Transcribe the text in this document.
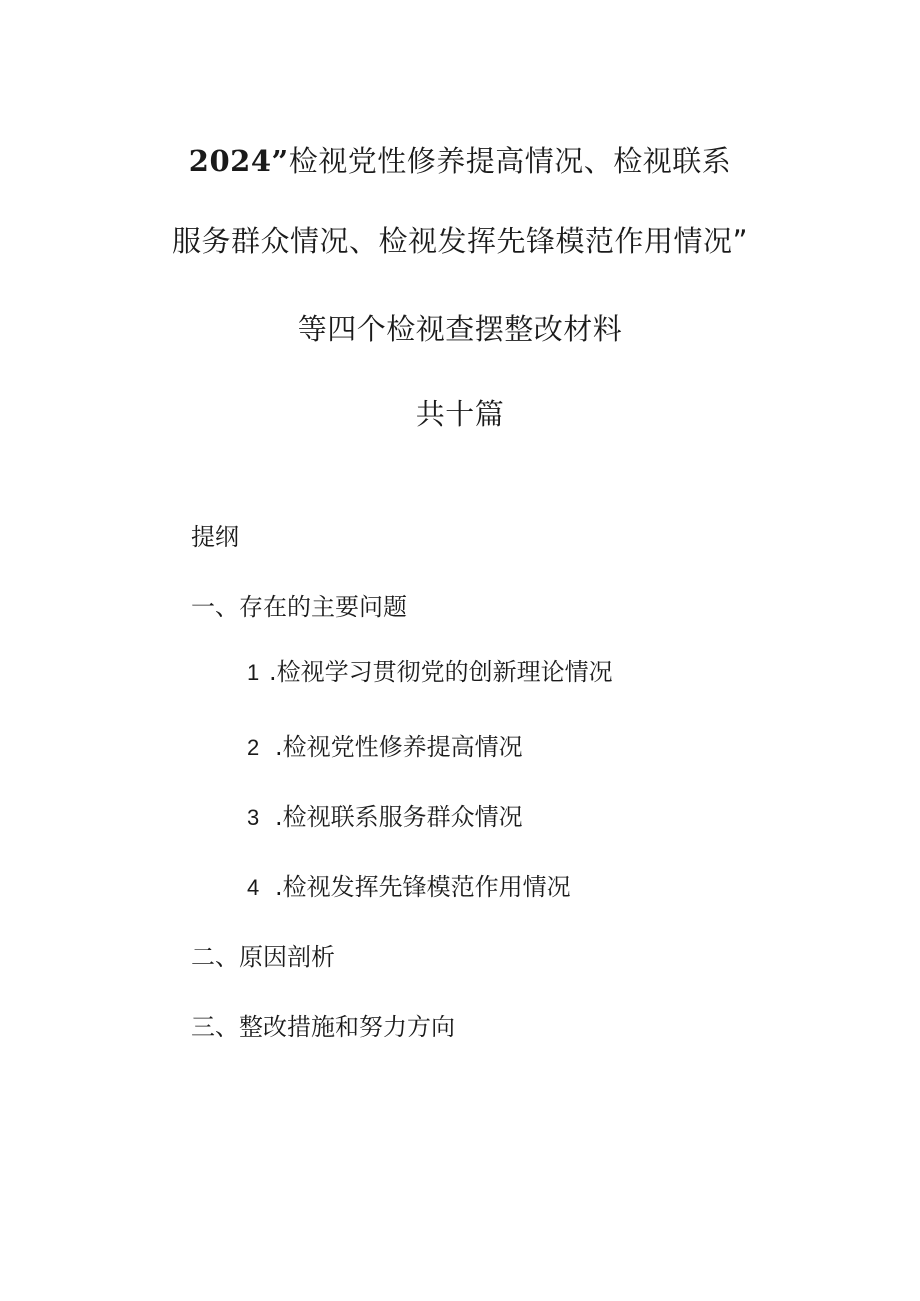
2024”检视党性修养提高情况、检视联系
服务群众情况、检视发挥先锋模范作用情况”
等四个检视查摆整改材料
共十篇
提纲
一、存在的主要问题
1 .检视学习贯彻党的创新理论情况
2 .检视党性修养提高情况
3 .检视联系服务群众情况
4 .检视发挥先锋模范作用情况
二、原因剖析
三、整改措施和努力方向
